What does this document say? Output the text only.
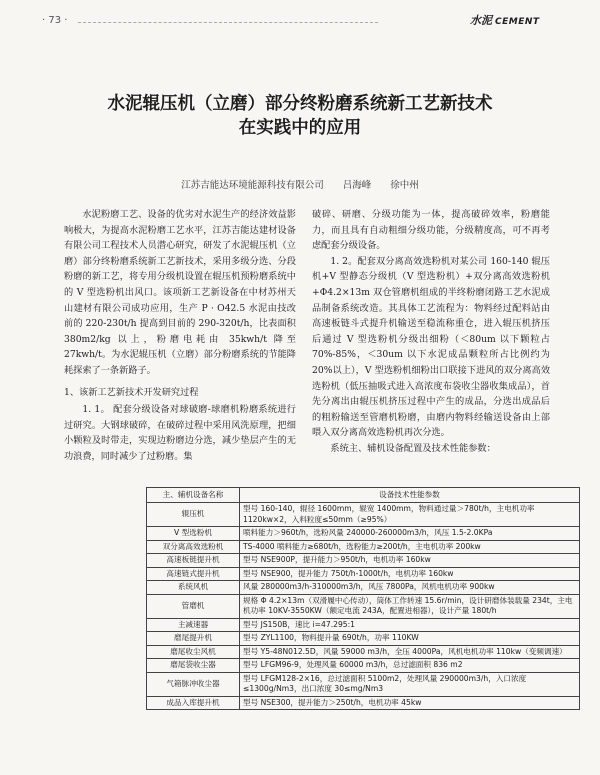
· 73 ·	水泥 CEMENT
水泥辊压机（立磨）部分终粉磨系统新工艺新技术
在实践中的应用
江苏吉能达环境能源科技有限公司 吕海峰 徐中州

水泥粉磨工艺、设备的优劣对水泥生产的经济效益影响极大，为提高水泥粉磨工艺水平，江苏吉能达建材设备有限公司工程技术人员潜心研究，研发了水泥辊压机（立磨）部分终粉磨系统新工艺新技术，采用多级分选、分段粉磨的新工艺，将专用分级机设置在辊压机预粉磨系统中的 V 型选粉机出风口。该项新工艺新设备在中材苏州天山建材有限公司成功应用，生产 P · O42.5 水泥由技改前的 220-230t/h 提高到目前的 290-320t/h，比表面积 380m2/kg 以上，粉磨电耗由 35kwh/t 降至 27kwh/t。为水泥辊压机（立磨）部分粉磨系统的节能降耗探索了一条新路子。

1、该新工艺新技术开发研究过程

1. 1。 配套分级设备对球破磨-球磨机粉磨系统进行过研究。大钢球破碎，在破碎过程中采用风洗原理，把细小颗粒及时带走，实现边粉磨边分选，减少垫层产生的无功浪费，同时减少了过粉磨。集

破碎、研磨、分级功能为一体，提高破碎效率，粉磨能力，而且具有自动粗细分级功能，分级精度高，可不再考虑配套分级设备。

1. 2。配套双分离高效选粉机对某公司 160-140 辊压机+V 型静态分级机（V 型选粉机）+双分离高效选粉机+Φ4.2×13m 双仓管磨机组成的半终粉磨闭路工艺水泥成品制备系统改造。其具体工艺流程为：物料经过配料站由高速板链斗式提升机输送至稳流称重仓，进入辊压机挤压后通过 V 型选粉机分级出细粉（＜80um 以下颗粒占 70%-85%，＜30um 以下水泥成品颗粒所占比例约为 20%以上），V 型选粉机细粉出口联接下进风的双分离高效选粉机（低压抽吸式进入高浓度布袋收尘器收集成品），首先分离出由辊压机挤压过程中产生的成品，分选出成品后的粗粉输送至管磨机粉磨，由磨内物料经输送设备由上部喂入双分离高效选粉机再次分选。

系统主、辅机设备配置及技术性能参数：

主、辅机设备名称	设备技术性能参数
辊压机	型号 160-140，辊径 1600mm，辊宽 1400mm，物料通过量＞780t/h，主电机功率 1120kw×2，入料粒度≤50mm（≥95%）
V 型选粉机	喷料能力＞960t/h，选粉风量 240000-260000m3/h，风压 1.5-2.0KPa
双分离高效选粉机	TS-4000 喷料能力≥680t/h，选粉能力≥200t/h，主电机功率 200kw
高速板链提升机	型号 NSE900P，提升能力＞950t/h，电机功率 160kw
高速链式提升机	型号 NSE900，提升能力 750t/h-1000t/h，电机功率 160kw
系统风机	风量 280000m3/h-310000m3/h，风压 7800Pa，风机电机功率 900kw
管磨机	规格 Φ 4.2×13m（双滑履中心传动），筒体工作转速 15.6r/min，设计研磨体装载量 234t，主电机功率 10KV-3550KW（额定电流 243A，配置进相器），设计产量 180t/h
主减速器	型号 JS150B，速比 i=47.295:1
磨尾提升机	型号 ZYL1100，物料提升量 690t/h，功率 110KW
磨尾收尘风机	型号 Y5-48N012.5D，风量 59000 m3/h，全压 4000Pa，风机电机功率 110kw（变频调速）
磨尾袋收尘器	型号 LFGM96-9，处理风量 60000 m3/h，总过滤面积 836 m2
气箱脉冲收尘器	型号 LFGM128-2×16，总过滤面积 5100m2，处理风量 290000m3/h，入口浓度≤1300g/Nm3，出口浓度 30≤mg/Nm3
成品入库提升机	型号 NSE300，提升能力＞250t/h，电机功率 45kw
